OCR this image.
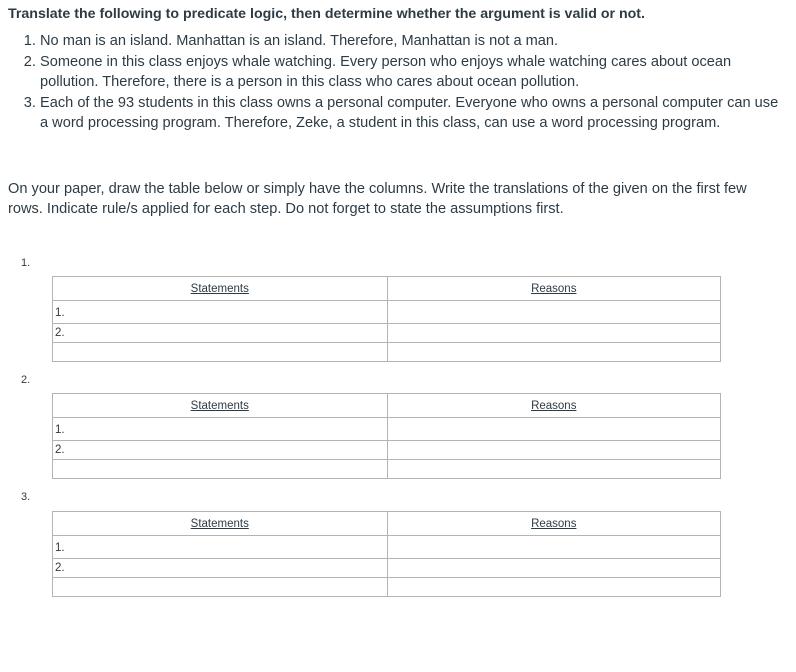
Translate the following to predicate logic, then determine whether the argument is valid or not.
1. No man is an island. Manhattan is an island. Therefore, Manhattan is not a man.
2. Someone in this class enjoys whale watching. Every person who enjoys whale watching cares about ocean pollution. Therefore, there is a person in this class who cares about ocean pollution.
3. Each of the 93 students in this class owns a personal computer. Everyone who owns a personal computer can use a word processing program. Therefore, Zeke, a student in this class, can use a word processing program.

On your paper, draw the table below or simply have the columns. Write the translations of the given on the first few rows. Indicate rule/s applied for each step. Do not forget to state the assumptions first.

1.
Statements	Reasons
1.	
2.	

2.
Statements	Reasons
1.	
2.	

3.
Statements	Reasons
1.	
2.	
